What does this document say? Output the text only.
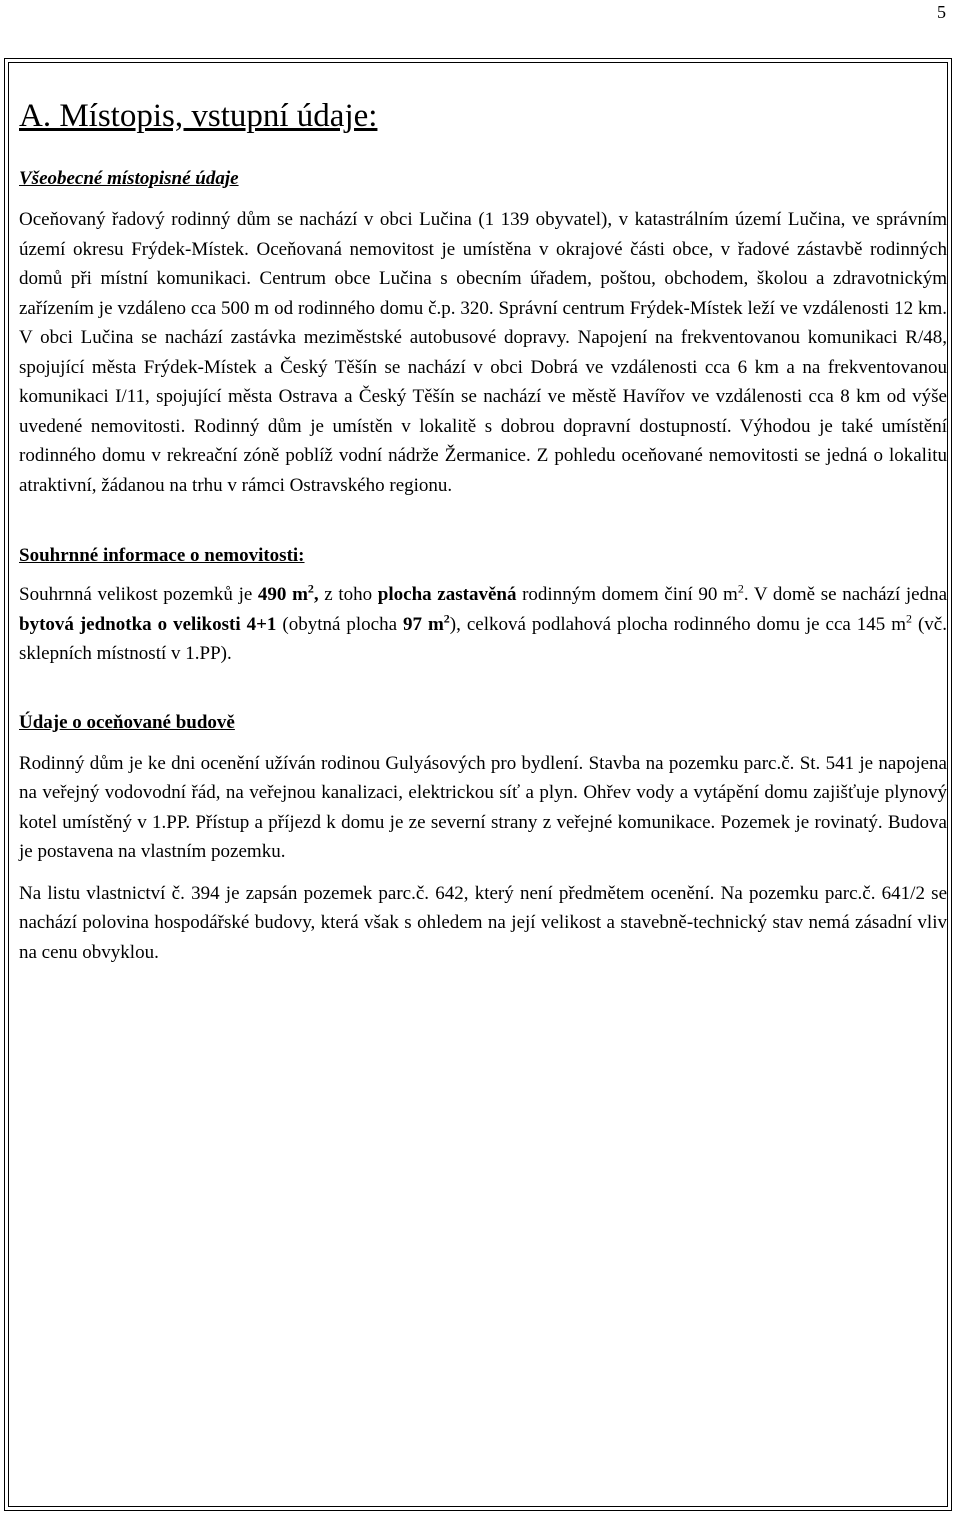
5
A. Místopis, vstupní údaje:
Všeobecné místopisné údaje

Oceňovaný řadový rodinný dům se nachází v obci Lučina (1 139 obyvatel), v katastrálním území Lučina, ve správním území okresu Frýdek-Místek. Oceňovaná nemovitost je umístěna v okrajové části obce, v řadové zástavbě rodinných domů při místní komunikaci. Centrum obce Lučina s obecním úřadem, poštou, obchodem, školou a zdravotnickým zařízením je vzdáleno cca 500 m od rodinného domu č.p. 320. Správní centrum Frýdek-Místek leží ve vzdálenosti 12 km. V obci Lučina se nachází zastávka meziměstské autobusové dopravy. Napojení na frekventovanou komunikaci R/48, spojující města Frýdek-Místek a Český Těšín se nachází v obci Dobrá ve vzdálenosti cca 6 km a na frekventovanou komunikaci I/11, spojující města Ostrava a Český Těšín se nachází ve městě Havířov ve vzdálenosti cca 8 km od výše uvedené nemovitosti. Rodinný dům je umístěn v lokalitě s dobrou dopravní dostupností. Výhodou je také umístění rodinného domu v rekreační zóně poblíž vodní nádrže Žermanice. Z pohledu oceňované nemovitosti se jedná o lokalitu atraktivní, žádanou na trhu v rámci Ostravského regionu.

Souhrnné informace o nemovitosti:

Souhrnná velikost pozemků je 490 $m^2$, z toho plocha zastavěná rodinným domem činí 90 $m^2$. V domě se nachází jedna bytová jednotka o velikosti 4+1 (obytná plocha 97 $m^2$), celková podlahová plocha rodinného domu je cca 145 $m^2$ (vč. sklepních místností v 1.PP).

Údaje o oceňované budově

Rodinný dům je ke dni ocenění užíván rodinou Gulyásových pro bydlení. Stavba na pozemku parc.č. St. 541 je napojena na veřejný vodovodní řád, na veřejnou kanalizaci, elektrickou síť a plyn. Ohřev vody a vytápění domu zajišťuje plynový kotel umístěný v 1.PP. Přístup a příjezd k domu je ze severní strany z veřejné komunikace. Pozemek je rovinatý. Budova je postavena na vlastním pozemku.

Na listu vlastnictví č. 394 je zapsán pozemek parc.č. 642, který není předmětem ocenění. Na pozemku parc.č. 641/2 se nachází polovina hospodářské budovy, která však s ohledem na její velikost a stavebně-technický stav nemá zásadní vliv na cenu obvyklou.
